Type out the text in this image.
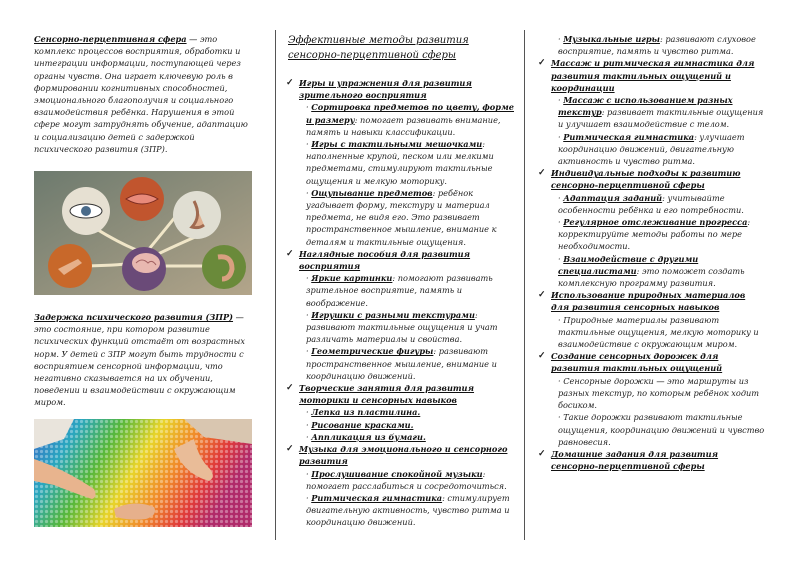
Сенсорно-перцептивная сфера — это комплекс процессов восприятия, обработки и интеграции информации, поступающей через органы чувств. Она играет ключевую роль в формировании когнитивных способностей, эмоционального благополучия и социального взаимодействия ребёнка. Нарушения в этой сфере могут затруднять обучение, адаптацию и социализацию детей с задержкой психического развития (ЗПР).

Задержка психического развития (ЗПР) — это состояние, при котором развитие психических функций отстаёт от возрастных норм. У детей с ЗПР могут быть трудности с восприятием сенсорной информации, что негативно сказывается на их обучении, поведении и взаимодействии с окружающим миром.

Эффективные методы развития сенсорно-перцептивной сферы

✓ Игры и упражнения для развития зрительного восприятия

· Сортировка предметов по цвету, форме и размеру: помогает развивать внимание, память и навыки классификации.

· Игры с тактильными мешочками: наполненные крупой, песком или мелкими предметами, стимулируют тактильные ощущения и мелкую моторику.

· Ощупывание предметов: ребёнок угадывает форму, текстуру и материал предмета, не видя его. Это развивает пространственное мышление, внимание к деталям и тактильные ощущения.

✓ Наглядные пособия для развития восприятия

· Яркие картинки: помогают развивать зрительное восприятие, память и воображение.

· Игрушки с разными текстурами: развивают тактильные ощущения и учат различать материалы и свойства.

· Геометрические фигуры: развивают пространственное мышление, внимание и координацию движений.

✓ Творческие занятия для развития моторики и сенсорных навыков

· Лепка из пластилина.

· Рисование красками.

· Аппликация из бумаги.

✓ Музыка для эмоционального и сенсорного развития

· Прослушивание спокойной музыки: помогает расслабиться и сосредоточиться.

· Ритмическая гимнастика: стимулирует двигательную активность, чувство ритма и координацию движений.

· Музыкальные игры: развивают слуховое восприятие, память и чувство ритма.

✓ Массаж и ритмическая гимнастика для развития тактильных ощущений и координации

· Массаж с использованием разных текстур: развивает тактильные ощущения и улучшает взаимодействие с телом.

· Ритмическая гимнастика: улучшает координацию движений, двигательную активность и чувство ритма.

✓ Индивидуальные подходы к развитию сенсорно-перцептивной сферы

· Адаптация заданий: учитывайте особенности ребёнка и его потребности.

· Регулярное отслеживание прогресса: корректируйте методы работы по мере необходимости.

· Взаимодействие с другими специалистами: это поможет создать комплексную программу развития.

✓ Использование природных материалов для развития сенсорных навыков

· Природные материалы развивают тактильные ощущения, мелкую моторику и взаимодействие с окружающим миром.

✓ Создание сенсорных дорожек для развития тактильных ощущений

· Сенсорные дорожки — это маршруты из разных текстур, по которым ребёнок ходит босиком.

· Такие дорожки развивают тактильные ощущения, координацию движений и чувство равновесия.

✓ Домашние задания для развития сенсорно-перцептивной сферы
